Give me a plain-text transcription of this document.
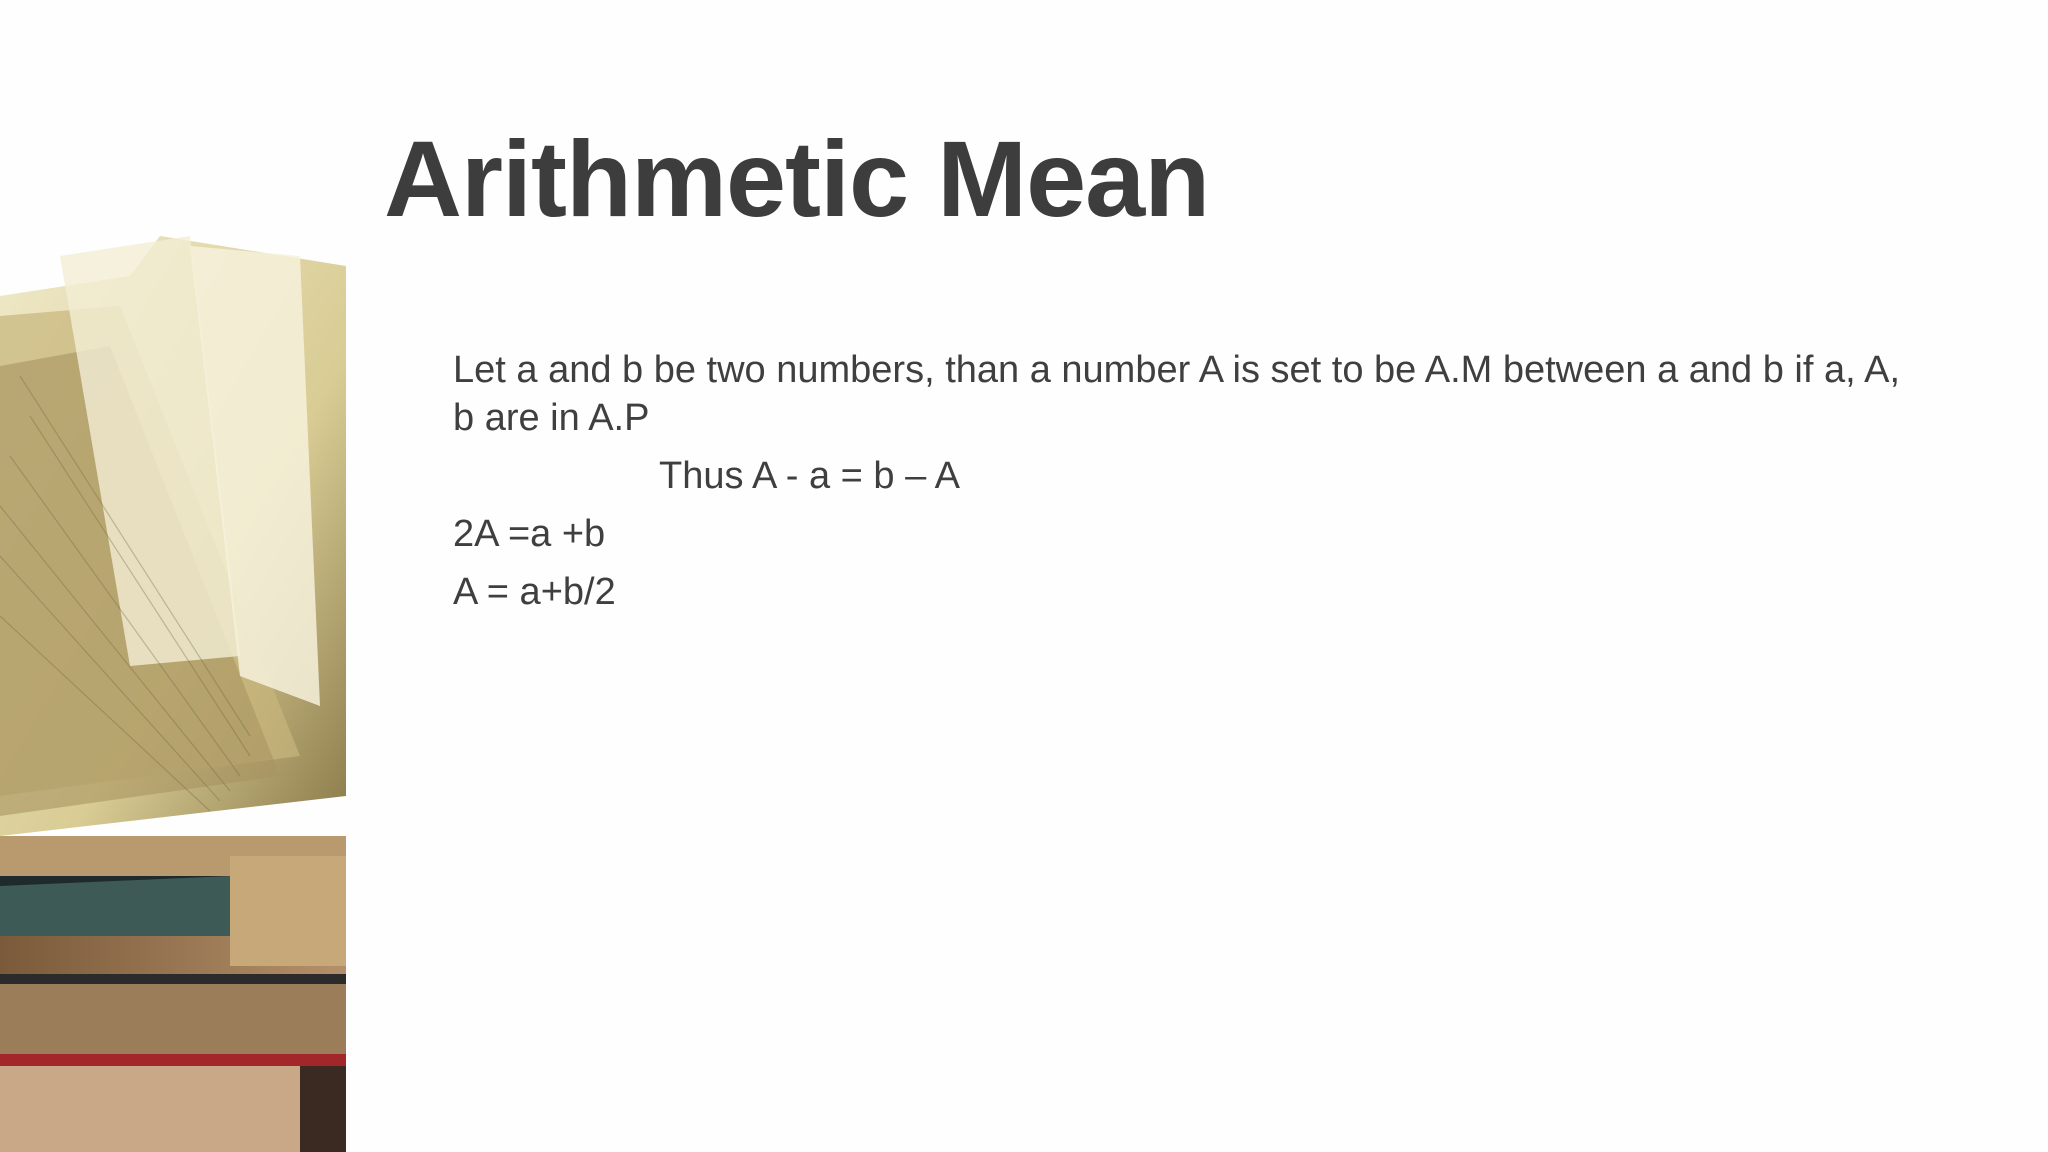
Arithmetic Mean

Let a and b be two numbers, than a number A is set to be A.M between a and b if a, A, b are in A.P

Thus A - a = b – A

2A =a +b

A = a+b/2
